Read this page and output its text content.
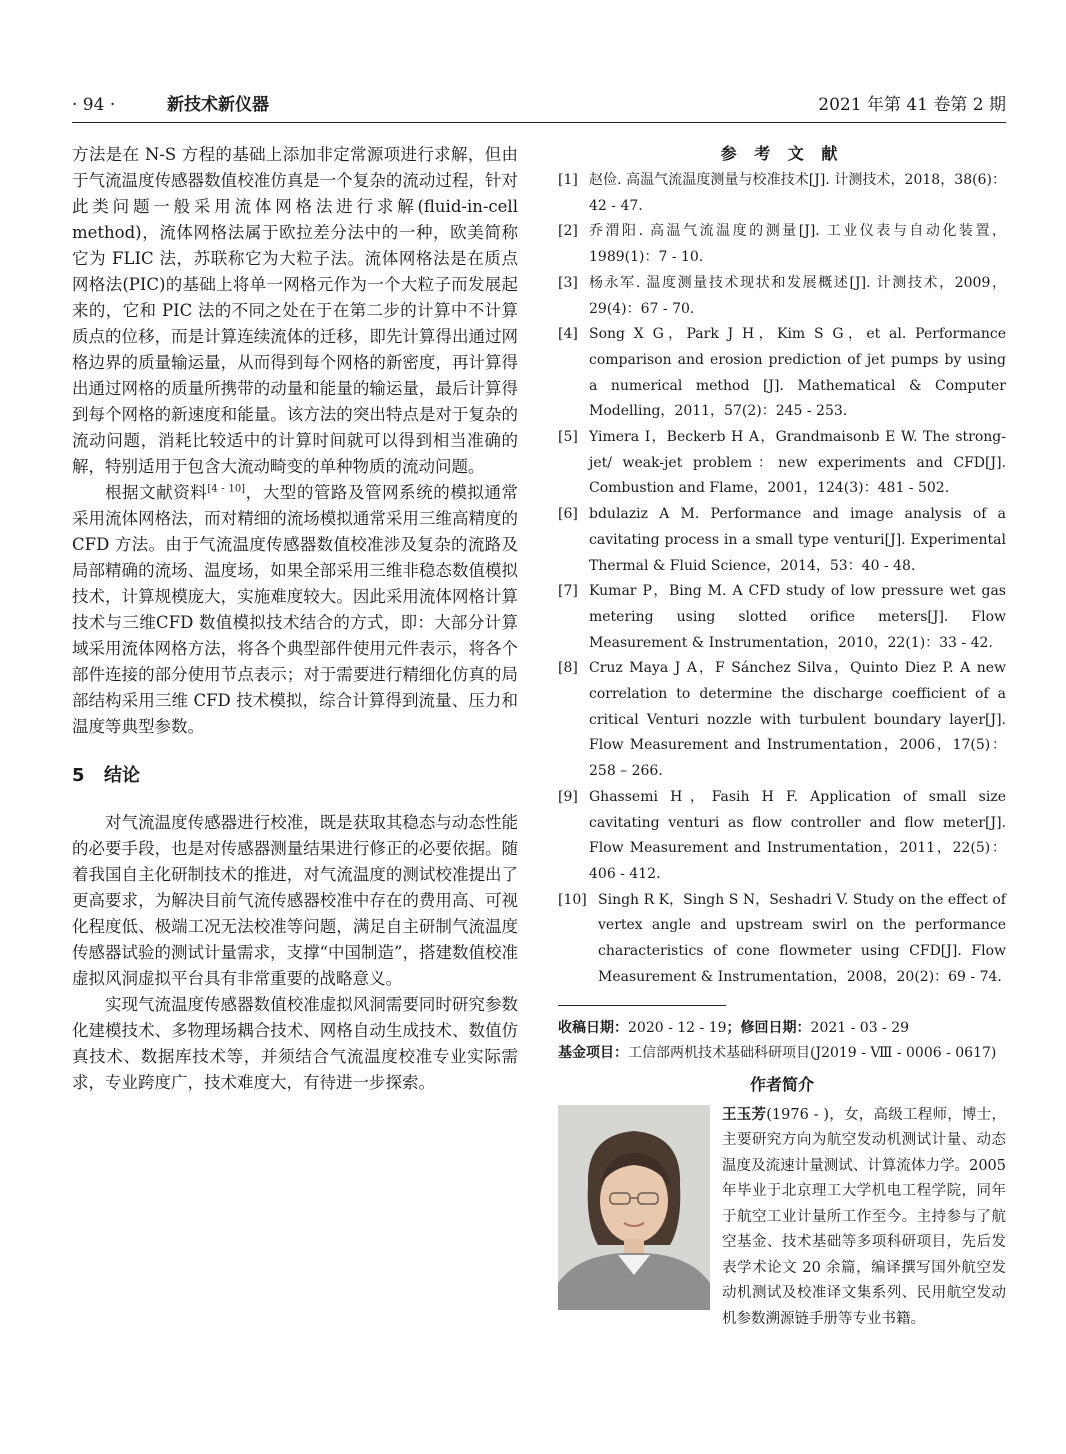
· 94 ·	新技术新仪器	2021 年第 41 卷第 2 期

方法是在 N-S 方程的基础上添加非定常源项进行求解，但由于气流温度传感器数值校准仿真是一个复杂的流动过程，针对此类问题一般采用流体网格法进行求解(fluid-in-cell method)，流体网格法属于欧拉差分法中的一种，欧美简称它为 FLIC 法，苏联称它为大粒子法。流体网格法是在质点网格法(PIC)的基础上将单一网格元作为一个大粒子而发展起来的，它和 PIC 法的不同之处在于在第二步的计算中不计算质点的位移，而是计算连续流体的迁移，即先计算得出通过网格边界的质量输运量，从而得到每个网格的新密度，再计算得出通过网格的质量所携带的动量和能量的输运量，最后计算得到每个网格的新速度和能量。该方法的突出特点是对于复杂的流动问题，消耗比较适中的计算时间就可以得到相当准确的解，特别适用于包含大流动畸变的单种物质的流动问题。

根据文献资料[4 - 10]，大型的管路及管网系统的模拟通常采用流体网格法，而对精细的流场模拟通常采用三维高精度的 CFD 方法。由于气流温度传感器数值校准涉及复杂的流路及局部精确的流场、温度场，如果全部采用三维非稳态数值模拟技术，计算规模庞大，实施难度较大。因此采用流体网格计算技术与三维CFD 数值模拟技术结合的方式，即：大部分计算域采用流体网格方法，将各个典型部件使用元件表示，将各个部件连接的部分使用节点表示；对于需要进行精细化仿真的局部结构采用三维 CFD 技术模拟，综合计算得到流量、压力和温度等典型参数。

5 结论

对气流温度传感器进行校准，既是获取其稳态与动态性能的必要手段，也是对传感器测量结果进行修正的必要依据。随着我国自主化研制技术的推进，对气流温度的测试校准提出了更高要求，为解决目前气流传感器校准中存在的费用高、可视化程度低、极端工况无法校准等问题，满足自主研制气流温度传感器试验的测试计量需求，支撑“中国制造”，搭建数值校准虚拟风洞虚拟平台具有非常重要的战略意义。

实现气流温度传感器数值校准虚拟风洞需要同时研究参数化建模技术、多物理场耦合技术、网格自动生成技术、数值仿真技术、数据库技术等，并须结合气流温度校准专业实际需求，专业跨度广，技术难度大，有待进一步探索。

参 考 文 献
[1] 赵俭. 高温气流温度测量与校准技术[J]. 计测技术，2018，38(6)：42 - 47.
[2] 乔渭阳. 高温气流温度的测量[J]. 工业仪表与自动化装置，1989(1)：7 - 10.
[3] 杨永军. 温度测量技术现状和发展概述[J]. 计测技术，2009，29(4)：67 - 70.
[4] Song X G，Park J H，Kim S G，et al. Performance comparison and erosion prediction of jet pumps by using a numerical method [J]. Mathematical & Computer Modelling，2011，57(2)：245 - 253.
[5] Yimera I，Beckerb H A，Grandmaisonb E W. The strong-jet/ weak-jet problem：new experiments and CFD[J]. Combustion and Flame，2001，124(3)：481 - 502.
[6] bdulaziz A M. Performance and image analysis of a cavitating process in a small type venturi[J]. Experimental Thermal & Fluid Science，2014，53：40 - 48.
[7] Kumar P，Bing M. A CFD study of low pressure wet gas metering using slotted orifice meters[J]. Flow Measurement & Instrumentation，2010，22(1)：33 - 42.
[8] Cruz Maya J A，F Sánchez Silva，Quinto Diez P. A new correlation to determine the discharge coefficient of a critical Venturi nozzle with turbulent boundary layer[J]. Flow Measurement and Instrumentation，2006，17(5)：258 – 266.
[9] Ghassemi H，Fasih H F. Application of small size cavitating venturi as flow controller and flow meter[J]. Flow Measurement and Instrumentation，2011，22(5)：406 - 412.
[10] Singh R K，Singh S N，Seshadri V. Study on the effect of vertex angle and upstream swirl on the performance characteristics of cone flowmeter using CFD[J]. Flow Measurement & Instrumentation，2008，20(2)：69 - 74.
收稿日期：2020 - 12 - 19；修回日期：2021 - 03 - 29
基金项目：工信部两机技术基础科研项目(J2019 - Ⅷ - 0006 - 0617)
作者简介
王玉芳(1976 - )，女，高级工程师，博士，主要研究方向为航空发动机测试计量、动态温度及流速计量测试、计算流体力学。2005 年毕业于北京理工大学机电工程学院，同年于航空工业计量所工作至今。主持参与了航空基金、技术基础等多项科研项目，先后发表学术论文 20 余篇，编译撰写国外航空发动机测试及校准译文集系列、民用航空发动机参数溯源链手册等专业书籍。
